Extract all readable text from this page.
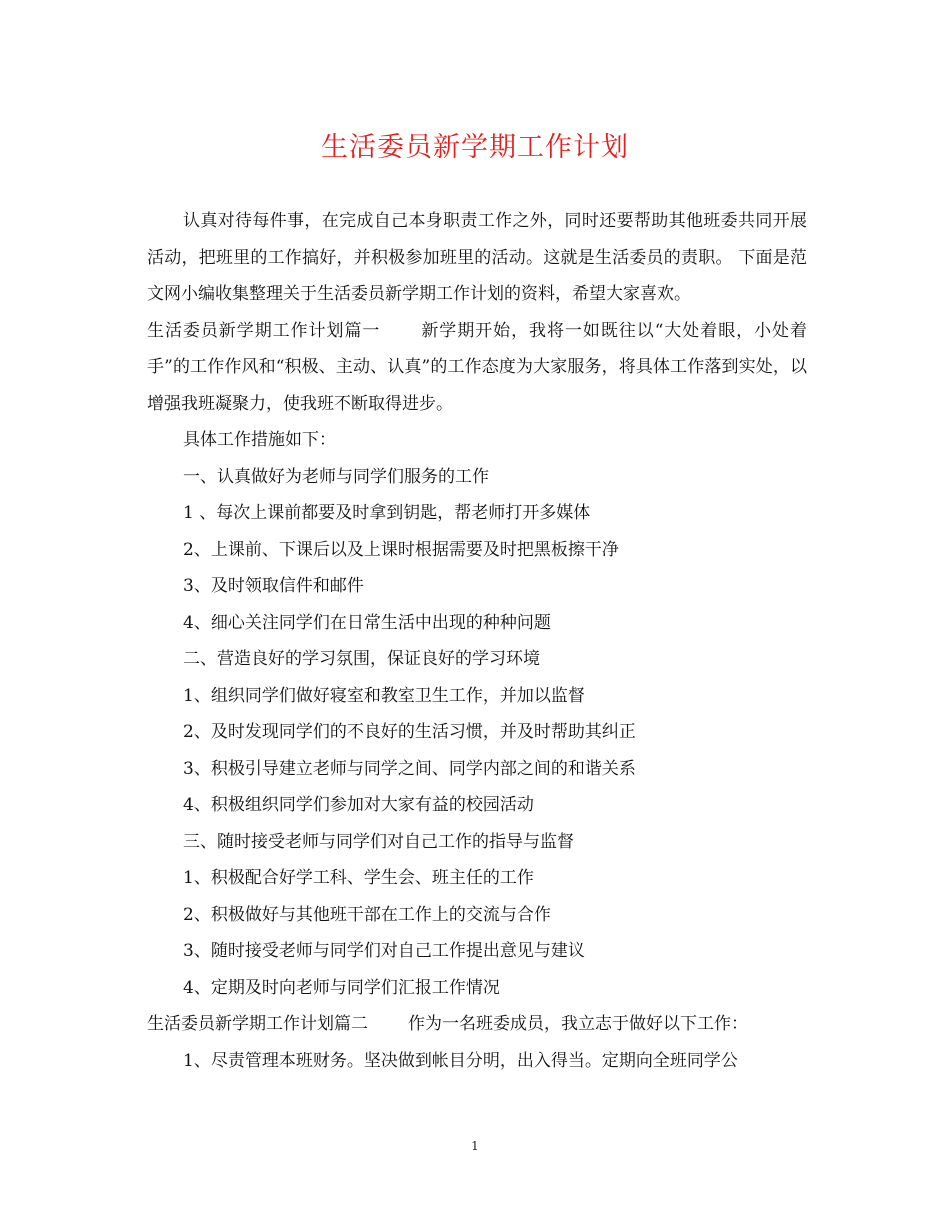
生活委员新学期工作计划

认真对待每件事，在完成自己本身职责工作之外，同时还要帮助其他班委共同开展活动，把班里的工作搞好，并积极参加班里的活动。这就是生活委员的责职。 下面是范文网小编收集整理关于生活委员新学期工作计划的资料，希望大家喜欢。

生活委员新学期工作计划篇一 新学期开始，我将一如既往以“大处着眼，小处着手”的工作作风和“积极、主动、认真”的工作态度为大家服务，将具体工作落到实处，以增强我班凝聚力，使我班不断取得进步。

具体工作措施如下：

一、认真做好为老师与同学们服务的工作

1 、每次上课前都要及时拿到钥匙，帮老师打开多媒体

2、上课前、下课后以及上课时根据需要及时把黑板擦干净

3、及时领取信件和邮件

4、细心关注同学们在日常生活中出现的种种问题

二、营造良好的学习氛围，保证良好的学习环境

1、组织同学们做好寝室和教室卫生工作，并加以监督

2、及时发现同学们的不良好的生活习惯，并及时帮助其纠正

3、积极引导建立老师与同学之间、同学内部之间的和谐关系

4、积极组织同学们参加对大家有益的校园活动

三、随时接受老师与同学们对自己工作的指导与监督

1、积极配合好学工科、学生会、班主任的工作

2、积极做好与其他班干部在工作上的交流与合作

3、随时接受老师与同学们对自己工作提出意见与建议

4、定期及时向老师与同学们汇报工作情况

生活委员新学期工作计划篇二 作为一名班委成员，我立志于做好以下工作：

1、尽责管理本班财务。坚决做到帐目分明，出入得当。定期向全班同学公

1
